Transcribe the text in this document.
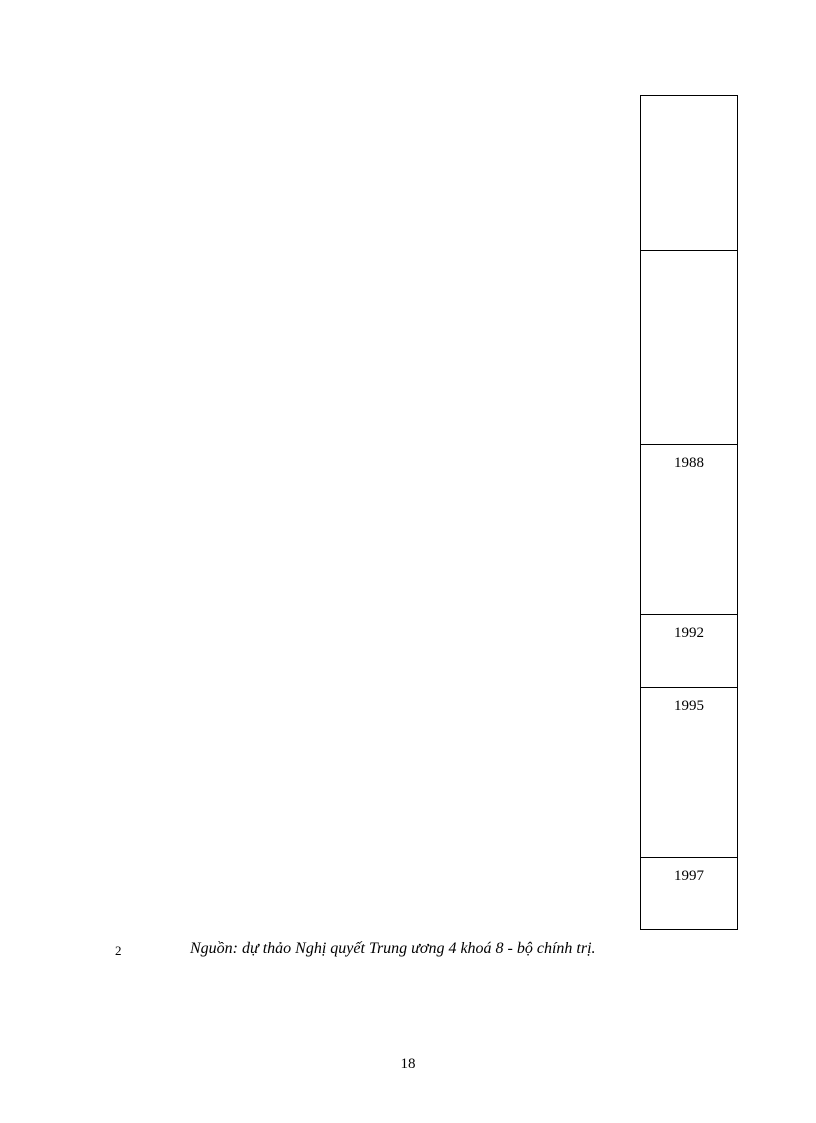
1988
1992
1995
1997
2	Nguồn: dự thảo Nghị quyết Trung ương 4 khoá 8 - bộ chính trị.
18
